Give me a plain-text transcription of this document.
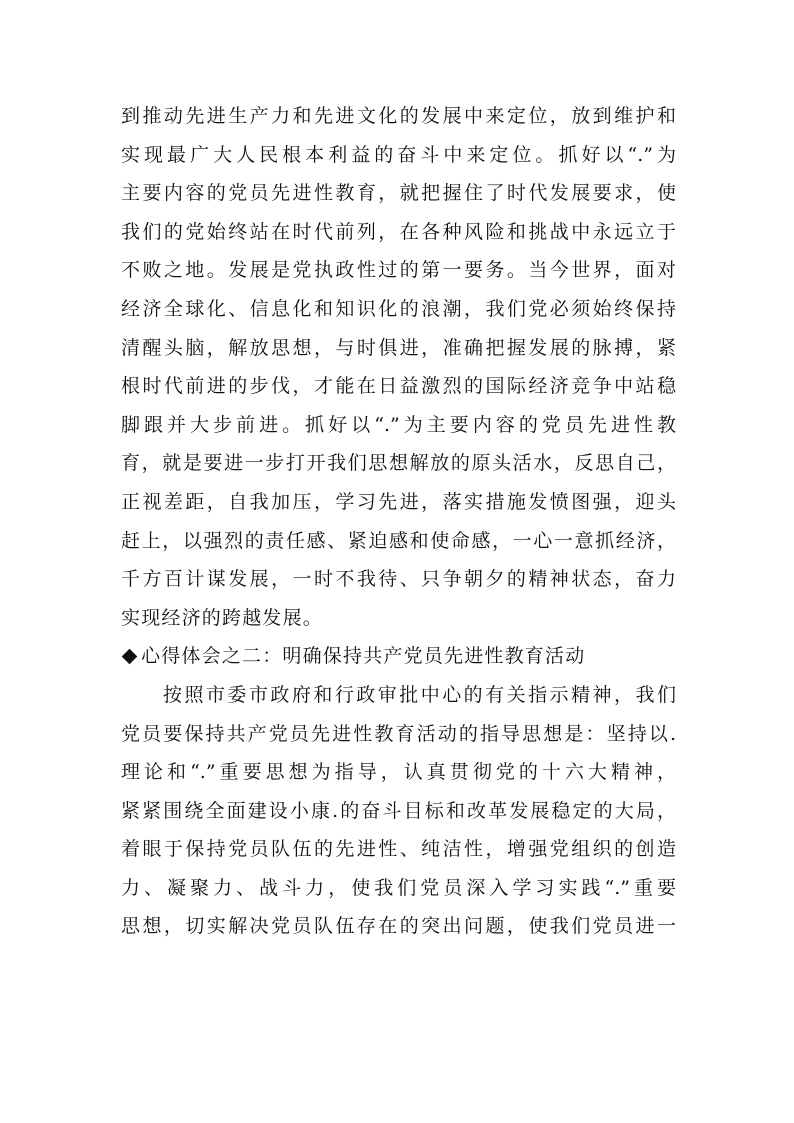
到推动先进生产力和先进文化的发展中来定位，放到维护和
实现最广大人民根本利益的奋斗中来定位。抓好以“.”为
主要内容的党员先进性教育，就把握住了时代发展要求，使
我们的党始终站在时代前列，在各种风险和挑战中永远立于
不败之地。发展是党执政性过的第一要务。当今世界，面对
经济全球化、信息化和知识化的浪潮，我们党必须始终保持
清醒头脑，解放思想，与时俱进，准确把握发展的脉搏，紧
根时代前进的步伐，才能在日益激烈的国际经济竞争中站稳
脚跟并大步前进。抓好以“.”为主要内容的党员先进性教
育，就是要进一步打开我们思想解放的原头活水，反思自己，
正视差距，自我加压，学习先进，落实措施发愤图强，迎头
赶上，以强烈的责任感、紧迫感和使命感，一心一意抓经济，
千方百计谋发展，一时不我待、只争朝夕的精神状态，奋力
实现经济的跨越发展。
心得体会之二：明确保持共产党员先进性教育活动
按照市委市政府和行政审批中心的有关指示精神，我们
党员要保持共产党员先进性教育活动的指导思想是：坚持以.
理论和“.”重要思想为指导，认真贯彻党的十六大精神，
紧紧围绕全面建设小康.的奋斗目标和改革发展稳定的大局，
着眼于保持党员队伍的先进性、纯洁性，增强党组织的创造
力、凝聚力、战斗力，使我们党员深入学习实践“.”重要
思想，切实解决党员队伍存在的突出问题，使我们党员进一
